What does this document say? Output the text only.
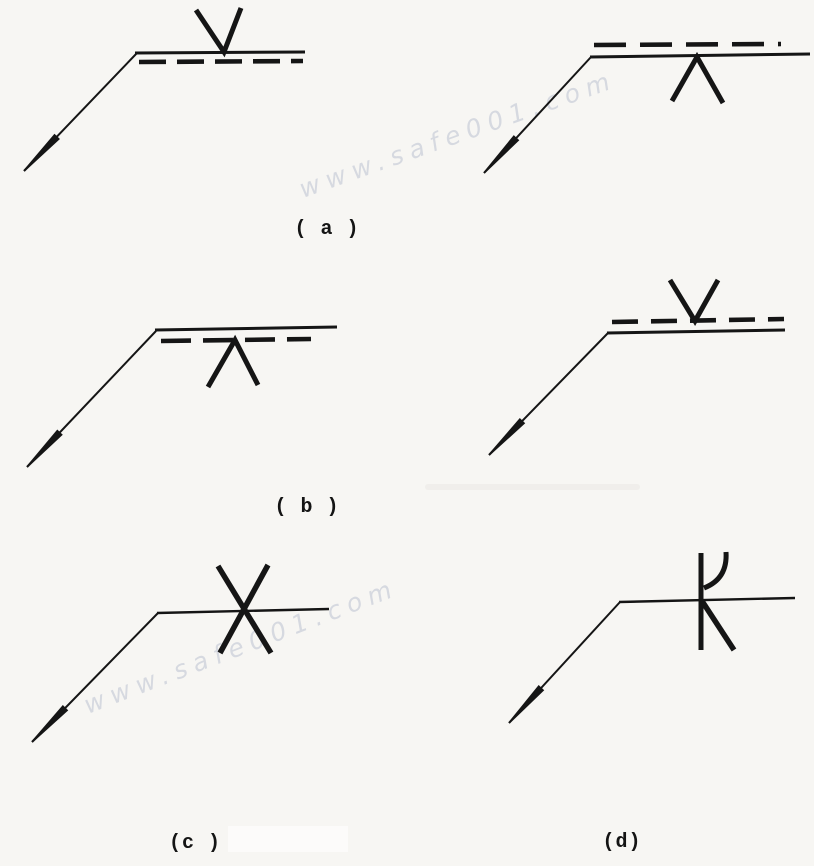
www.safe001.com
www.safe001.com
( a )
( b )
(c )	(d)
